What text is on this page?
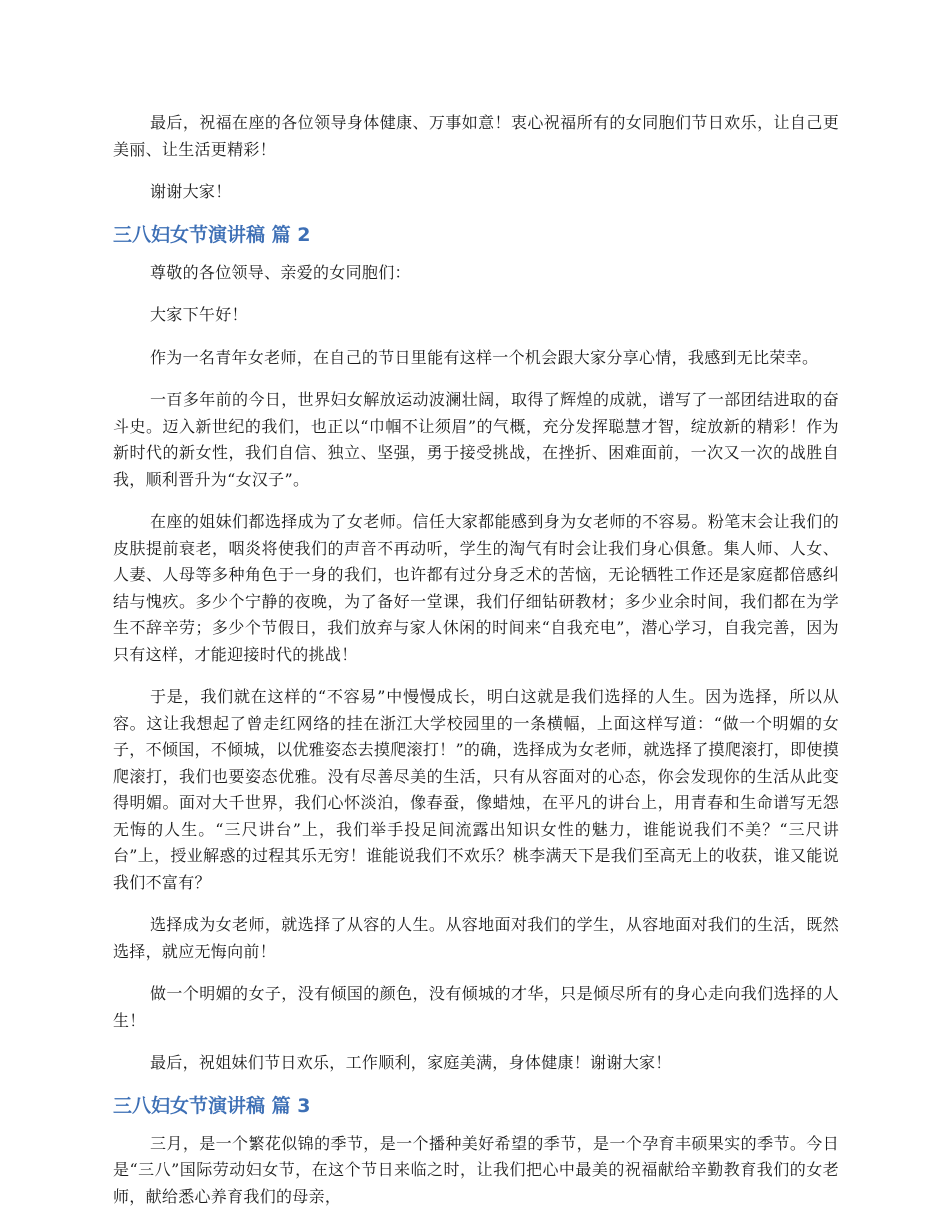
最后，祝福在座的各位领导身体健康、万事如意！衷心祝福所有的女同胞们节日欢乐，让自己更美丽、让生活更精彩！

谢谢大家！

三八妇女节演讲稿 篇 2

尊敬的各位领导、亲爱的女同胞们：

大家下午好！

作为一名青年女老师，在自己的节日里能有这样一个机会跟大家分享心情，我感到无比荣幸。

一百多年前的今日，世界妇女解放运动波澜壮阔，取得了辉煌的成就，谱写了一部团结进取的奋斗史。迈入新世纪的我们，也正以“巾帼不让须眉”的气概，充分发挥聪慧才智，绽放新的精彩！作为新时代的新女性，我们自信、独立、坚强，勇于接受挑战，在挫折、困难面前，一次又一次的战胜自我，顺利晋升为“女汉子”。

在座的姐妹们都选择成为了女老师。信任大家都能感到身为女老师的不容易。粉笔末会让我们的皮肤提前衰老，咽炎将使我们的声音不再动听，学生的淘气有时会让我们身心俱惫。集人师、人女、人妻、人母等多种角色于一身的我们，也许都有过分身乏术的苦恼，无论牺牲工作还是家庭都倍感纠结与愧疚。多少个宁静的夜晚，为了备好一堂课，我们仔细钻研教材；多少业余时间，我们都在为学生不辞辛劳；多少个节假日，我们放弃与家人休闲的时间来“自我充电”，潜心学习，自我完善，因为只有这样，才能迎接时代的挑战！

于是，我们就在这样的“不容易”中慢慢成长，明白这就是我们选择的人生。因为选择，所以从容。这让我想起了曾走红网络的挂在浙江大学校园里的一条横幅，上面这样写道：“做一个明媚的女子，不倾国，不倾城，以优雅姿态去摸爬滚打！”的确，选择成为女老师，就选择了摸爬滚打，即使摸爬滚打，我们也要姿态优雅。没有尽善尽美的生活，只有从容面对的心态，你会发现你的生活从此变得明媚。面对大千世界，我们心怀淡泊，像春蚕，像蜡烛，在平凡的讲台上，用青春和生命谱写无怨无悔的人生。“三尺讲台”上，我们举手投足间流露出知识女性的魅力，谁能说我们不美？“三尺讲台”上，授业解惑的过程其乐无穷！谁能说我们不欢乐？桃李满天下是我们至高无上的收获，谁又能说我们不富有？

选择成为女老师，就选择了从容的人生。从容地面对我们的学生，从容地面对我们的生活，既然选择，就应无悔向前！

做一个明媚的女子，没有倾国的颜色，没有倾城的才华，只是倾尽所有的身心走向我们选择的人生！

最后，祝姐妹们节日欢乐，工作顺利，家庭美满，身体健康！谢谢大家！

三八妇女节演讲稿 篇 3

三月，是一个繁花似锦的季节，是一个播种美好希望的季节，是一个孕育丰硕果实的季节。今日是“三八”国际劳动妇女节，在这个节日来临之时，让我们把心中最美的祝福献给辛勤教育我们的女老师，献给悉心养育我们的母亲，
